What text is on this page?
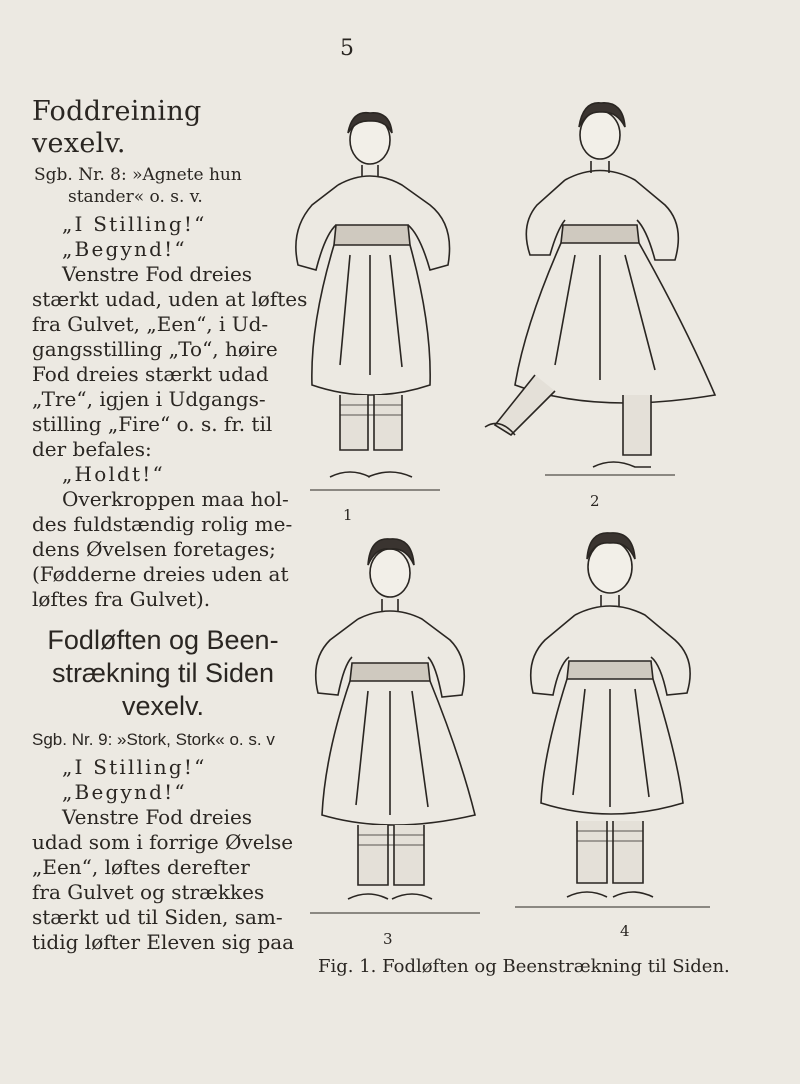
5
Foddreining vexelv.
Sgb. Nr. 8: »Agnete hun
stander« o. s. v.
„I Stilling!“
„Begynd!“
Venstre Fod dreies
stærkt udad, uden at løftes
fra Gulvet, „Een“, i Ud-
gangsstilling „To“, høire
Fod dreies stærkt udad
„Tre“, igjen i Udgangs-
stilling „Fire“ o. s. fr. til
der befales:
„Holdt!“
Overkroppen maa hol-
des fuldstændig rolig me-
dens Øvelsen foretages;
(Fødderne dreies uden at
løftes fra Gulvet).
Fodløften og Been-
strækning til Siden
vexelv.
Sgb. Nr. 9: »Stork, Stork« o. s. v
„I Stilling!“
„Begynd!“
Venstre Fod dreies
udad som i forrige Øvelse
„Een“, løftes derefter
fra Gulvet og strækkes
stærkt ud til Siden, sam-
tidig løfter Eleven sig paa
1
2
3	4
Fig. 1. Fodløften og Beenstrækning til Siden.
